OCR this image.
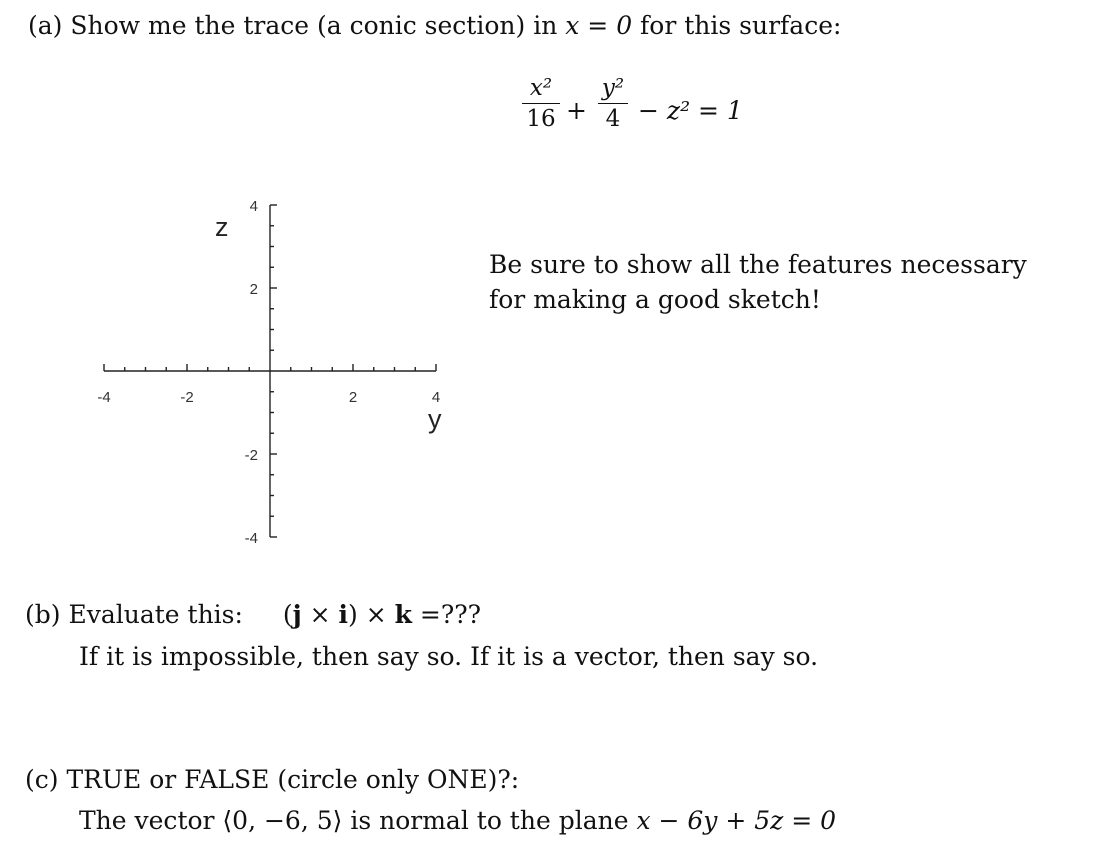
(a) Show me the trace (a conic section) in x = 0 for this surface:
x²
16 +
y²
4 − z² = 1
-4	-2	2	4
4
2
-2
-4
y
z
Be sure to show all the features necessary
for making a good sketch!
(b) Evaluate this: (j × i) × k =???
If it is impossible, then say so. If it is a vector, then say so.
(c) TRUE or FALSE (circle only ONE)?:
The vector ⟨0, −6, 5⟩ is normal to the plane x − 6y + 5z = 0
